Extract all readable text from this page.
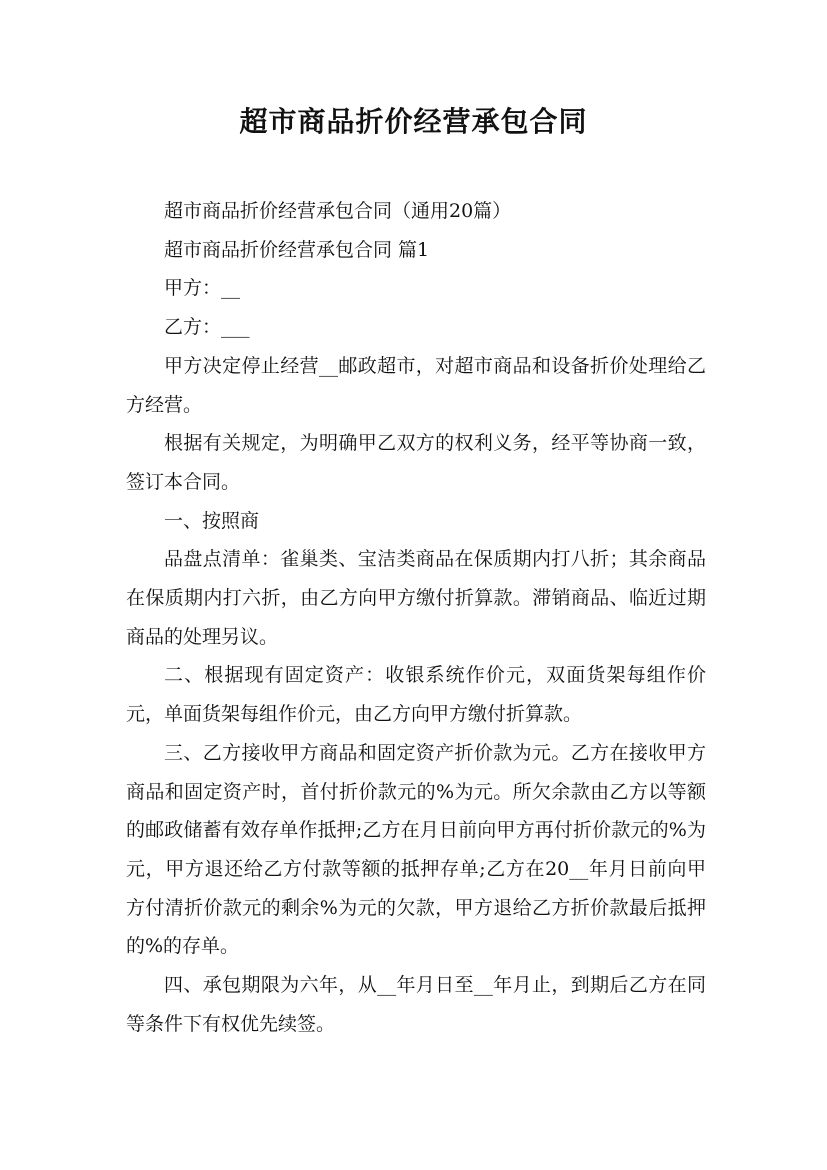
超市商品折价经营承包合同

超市商品折价经营承包合同（通用20篇）

超市商品折价经营承包合同 篇1

甲方：__

乙方：___

甲方决定停止经营__邮政超市，对超市商品和设备折价处理给乙方经营。

根据有关规定，为明确甲乙双方的权利义务，经平等协商一致，签订本合同。

一、按照商

品盘点清单：雀巢类、宝洁类商品在保质期内打八折；其余商品在保质期内打六折，由乙方向甲方缴付折算款。滞销商品、临近过期商品的处理另议。

二、根据现有固定资产：收银系统作价元，双面货架每组作价元，单面货架每组作价元，由乙方向甲方缴付折算款。

三、乙方接收甲方商品和固定资产折价款为元。乙方在接收甲方商品和固定资产时，首付折价款元的%为元。所欠余款由乙方以等额的邮政储蓄有效存单作抵押;乙方在月日前向甲方再付折价款元的%为元，甲方退还给乙方付款等额的抵押存单;乙方在20__年月日前向甲方付清折价款元的剩余%为元的欠款，甲方退给乙方折价款最后抵押的%的存单。

四、承包期限为六年，从__年月日至__年月止，到期后乙方在同等条件下有权优先续签。
